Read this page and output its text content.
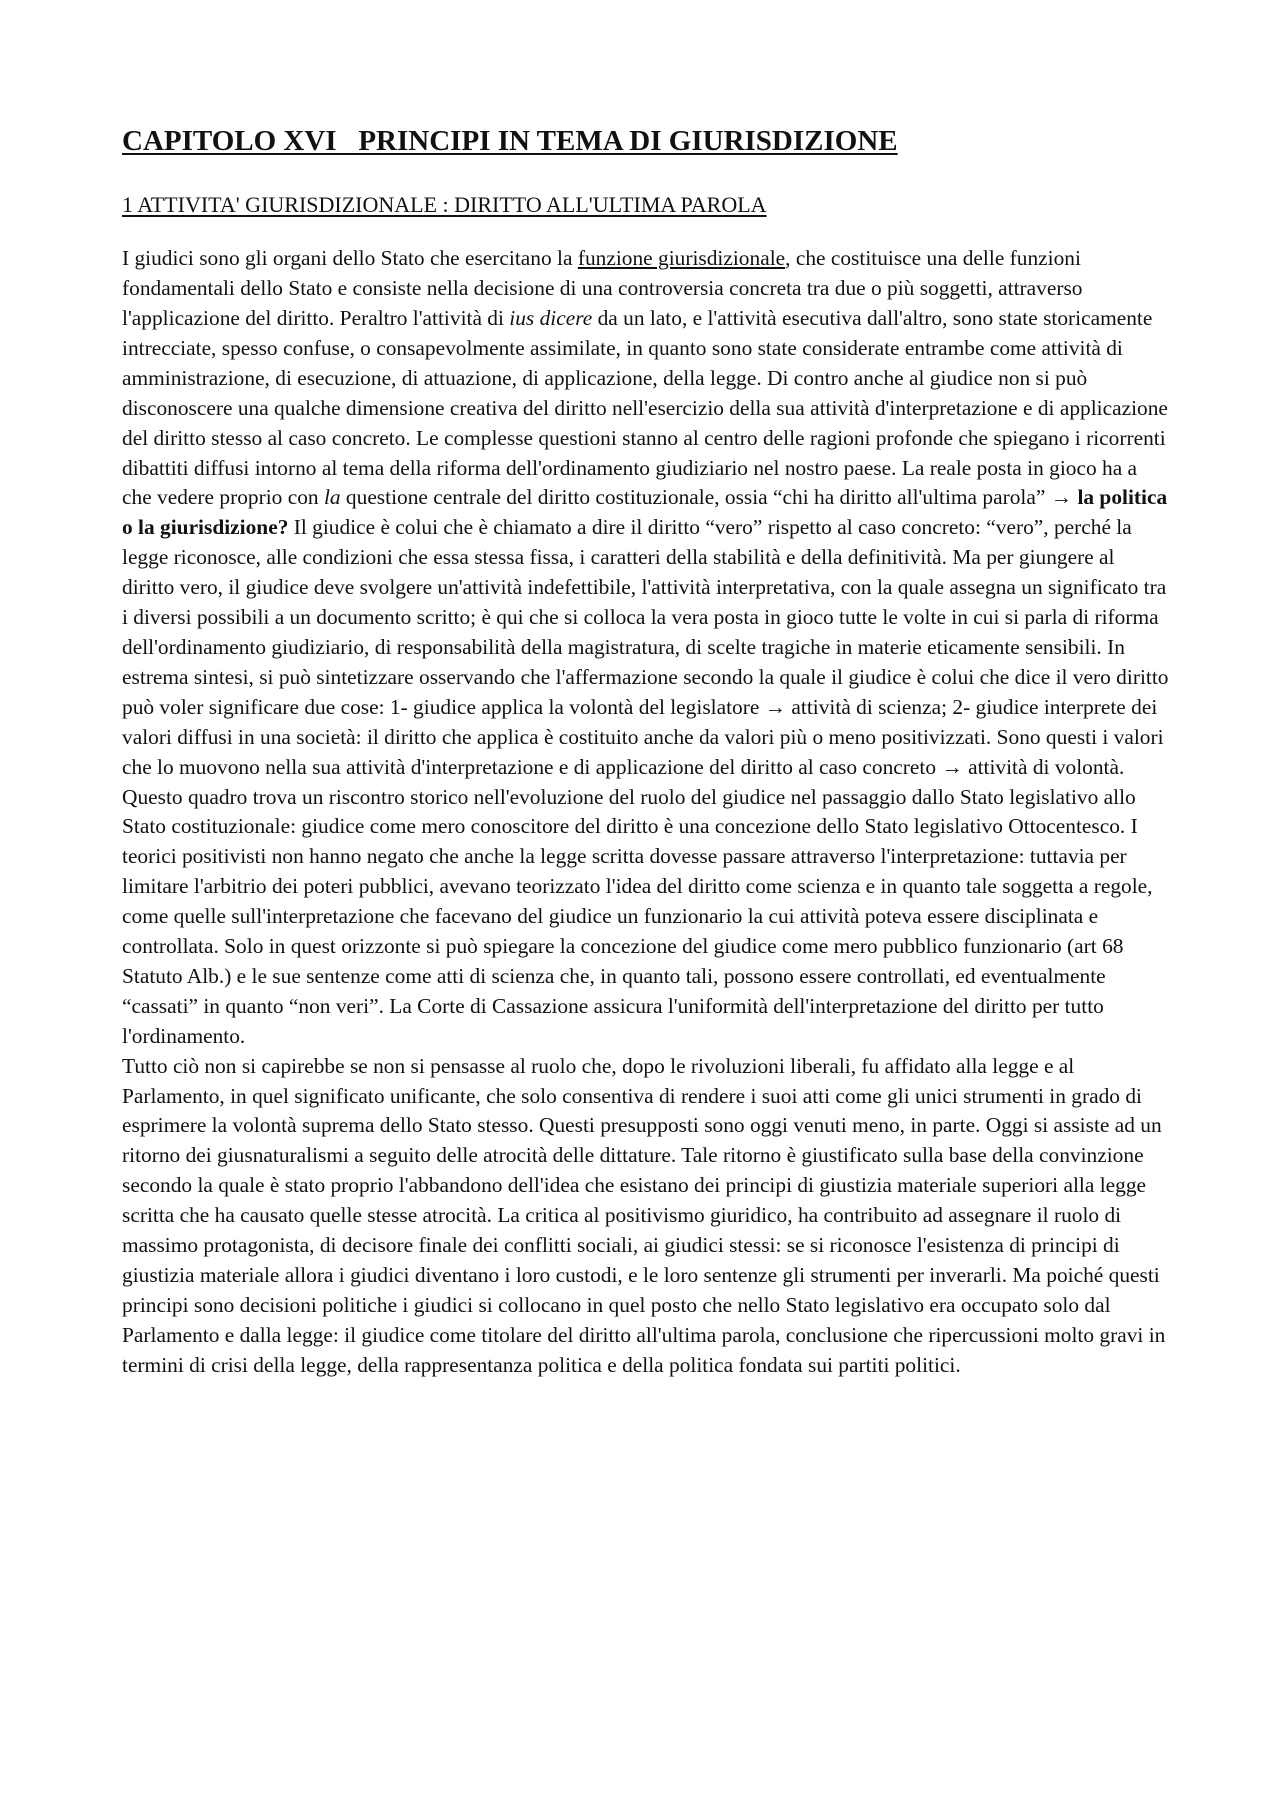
CAPITOLO XVI   PRINCIPI IN TEMA DI GIURISDIZIONE
1 ATTIVITA' GIURISDIZIONALE : DIRITTO ALL'ULTIMA PAROLA

I giudici sono gli organi dello Stato che esercitano la funzione giurisdizionale, che costituisce una delle funzioni fondamentali dello Stato e consiste nella decisione di una controversia concreta tra due o più soggetti, attraverso l'applicazione del diritto. Peraltro l'attività di ius dicere da un lato, e l'attività esecutiva dall'altro, sono state storicamente intrecciate, spesso confuse, o consapevolmente assimilate, in quanto sono state considerate entrambe come attività di amministrazione, di esecuzione, di attuazione, di applicazione, della legge. Di contro anche al giudice non si può disconoscere una qualche dimensione creativa del diritto nell'esercizio della sua attività d'interpretazione e di applicazione del diritto stesso al caso concreto. Le complesse questioni stanno al centro delle ragioni profonde che spiegano i ricorrenti dibattiti diffusi intorno al tema della riforma dell'ordinamento giudiziario nel nostro paese. La reale posta in gioco ha a che vedere proprio con la questione centrale del diritto costituzionale, ossia “chi ha diritto all'ultima parola” → la politica o la giurisdizione? Il giudice è colui che è chiamato a dire il diritto “vero” rispetto al caso concreto: “vero”, perché la legge riconosce, alle condizioni che essa stessa fissa, i caratteri della stabilità e della definitività. Ma per giungere al diritto vero, il giudice deve svolgere un'attività indefettibile, l'attività interpretativa, con la quale assegna un significato tra i diversi possibili a un documento scritto; è qui che si colloca la vera posta in gioco tutte le volte in cui si parla di riforma dell'ordinamento giudiziario, di responsabilità della magistratura, di scelte tragiche in materie eticamente sensibili. In estrema sintesi, si può sintetizzare osservando che l'affermazione secondo la quale il giudice è colui che dice il vero diritto può voler significare due cose: 1- giudice applica la volontà del legislatore → attività di scienza; 2- giudice interprete dei valori diffusi in una società: il diritto che applica è costituito anche da valori più o meno positivizzati. Sono questi i valori che lo muovono nella sua attività d'interpretazione e di applicazione del diritto al caso concreto → attività di volontà. Questo quadro trova un riscontro storico nell'evoluzione del ruolo del giudice nel passaggio dallo Stato legislativo allo Stato costituzionale: giudice come mero conoscitore del diritto è una concezione dello Stato legislativo Ottocentesco. I teorici positivisti non hanno negato che anche la legge scritta dovesse passare attraverso l'interpretazione: tuttavia per limitare l'arbitrio dei poteri pubblici, avevano teorizzato l'idea del diritto come scienza e in quanto tale soggetta a regole, come quelle sull'interpretazione che facevano del giudice un funzionario la cui attività poteva essere disciplinata e controllata. Solo in quest orizzonte si può spiegare la concezione del giudice come mero pubblico funzionario (art 68 Statuto Alb.) e le sue sentenze come atti di scienza che, in quanto tali, possono essere controllati, ed eventualmente “cassati” in quanto “non veri”. La Corte di Cassazione assicura l'uniformità dell'interpretazione del diritto per tutto l'ordinamento.

Tutto ciò non si capirebbe se non si pensasse al ruolo che, dopo le rivoluzioni liberali, fu affidato alla legge e al Parlamento, in quel significato unificante, che solo consentiva di rendere i suoi atti come gli unici strumenti in grado di esprimere la volontà suprema dello Stato stesso. Questi presupposti sono oggi venuti meno, in parte. Oggi si assiste ad un ritorno dei giusnaturalismi a seguito delle atrocità delle dittature. Tale ritorno è giustificato sulla base della convinzione secondo la quale è stato proprio l'abbandono dell'idea che esistano dei principi di giustizia materiale superiori alla legge scritta che ha causato quelle stesse atrocità. La critica al positivismo giuridico, ha contribuito ad assegnare il ruolo di massimo protagonista, di decisore finale dei conflitti sociali, ai giudici stessi: se si riconosce l'esistenza di principi di giustizia materiale allora i giudici diventano i loro custodi, e le loro sentenze gli strumenti per inverarli. Ma poiché questi principi sono decisioni politiche i giudici si collocano in quel posto che nello Stato legislativo era occupato solo dal Parlamento e dalla legge: il giudice come titolare del diritto all'ultima parola, conclusione che ripercussioni molto gravi in termini di crisi della legge, della rappresentanza politica e della politica fondata sui partiti politici.
